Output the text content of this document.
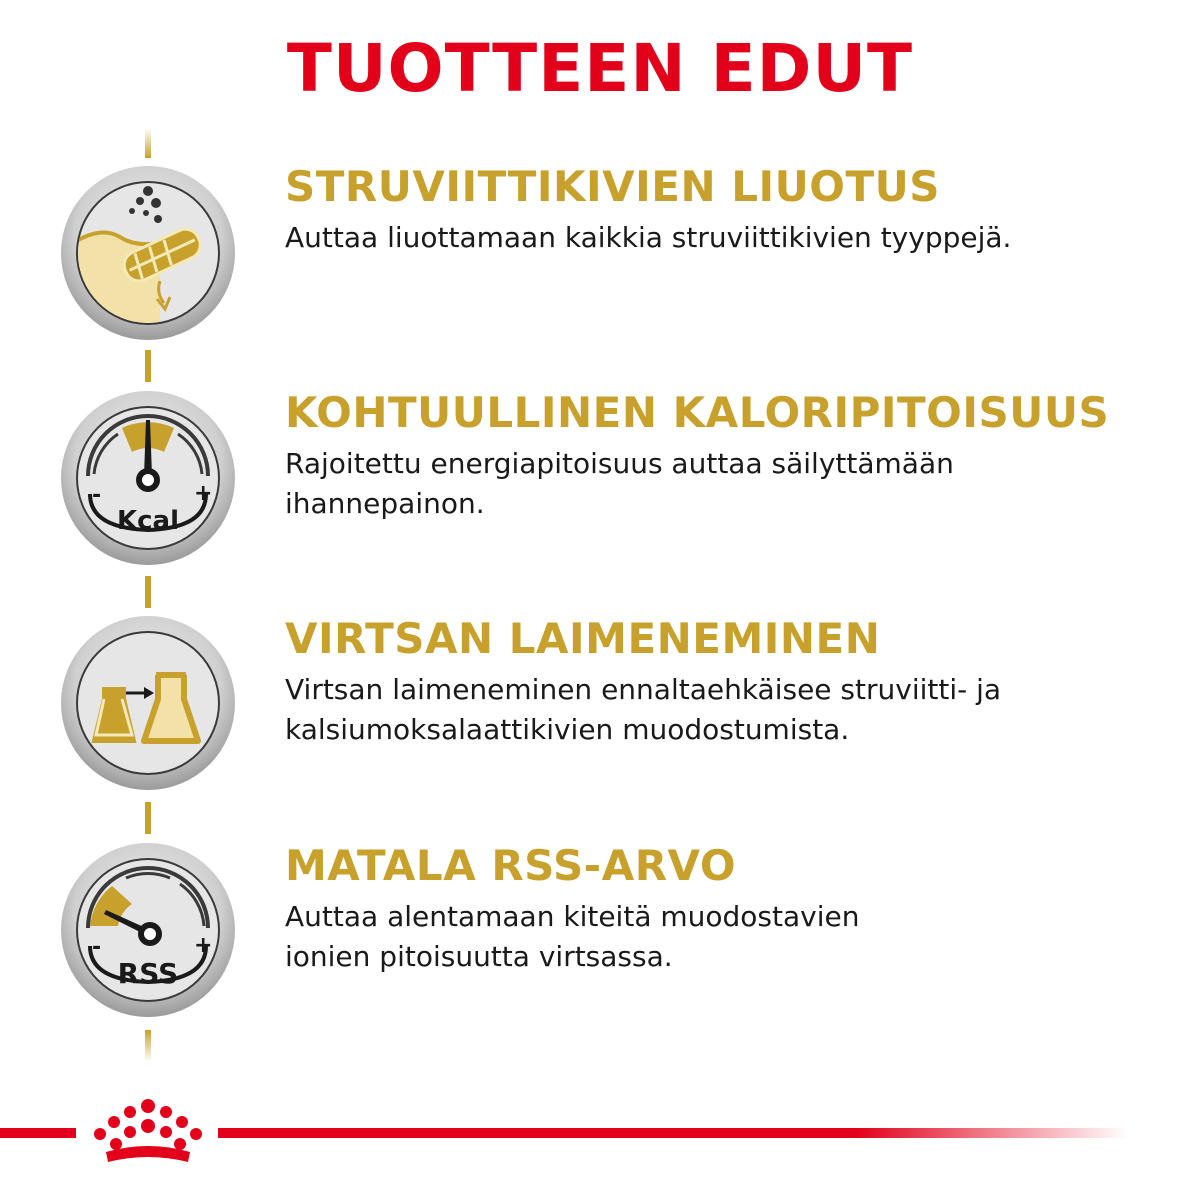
TUOTTEEN EDUT
-	+
Kcal
-	+
RSS
STRUVIITTIKIVIEN LIUOTUS

Auttaa liuottamaan kaikkia struviittikivien tyyppejä.

KOHTUULLINEN KALORIPITOISUUS

Rajoitettu energiapitoisuus auttaa säilyttämään
ihannepainon.

VIRTSAN LAIMENEMINEN

Virtsan laimeneminen ennaltaehkäisee struviitti- ja
kalsiumoksalaattikivien muodostumista.

MATALA RSS-ARVO

Auttaa alentamaan kiteitä muodostavien
ionien pitoisuutta virtsassa.
